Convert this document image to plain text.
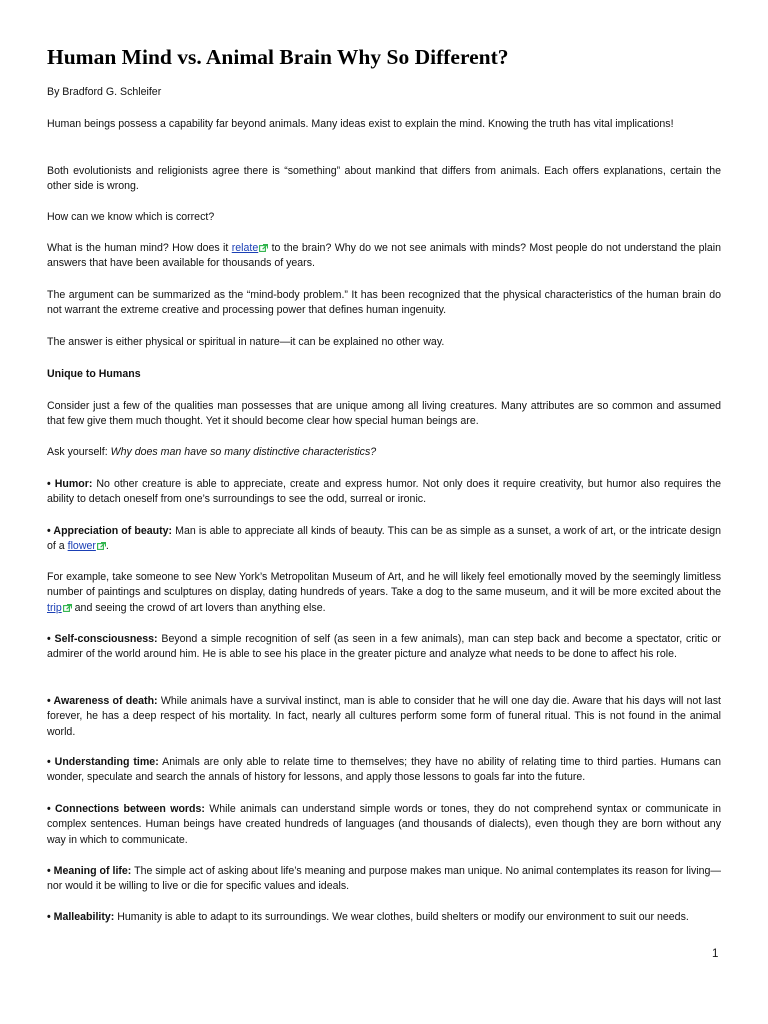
Human Mind vs. Animal Brain Why So Different?

By Bradford G. Schleifer

Human beings possess a capability far beyond animals. Many ideas exist to explain the mind. Knowing the truth has vital implications!

Both evolutionists and religionists agree there is “something” about mankind that differs from animals. Each offers explanations, certain the other side is wrong.

How can we know which is correct?

What is the human mind? How does it relate to the brain? Why do we not see animals with minds? Most people do not understand the plain answers that have been available for thousands of years.

The argument can be summarized as the “mind-body problem.” It has been recognized that the physical characteristics of the human brain do not warrant the extreme creative and processing power that defines human ingenuity.

The answer is either physical or spiritual in nature—it can be explained no other way.

Unique to Humans

Consider just a few of the qualities man possesses that are unique among all living creatures. Many attributes are so common and assumed that few give them much thought. Yet it should become clear how special human beings are.

Ask yourself: Why does man have so many distinctive characteristics?

• Humor: No other creature is able to appreciate, create and express humor. Not only does it require creativity, but humor also requires the ability to detach oneself from one’s surroundings to see the odd, surreal or ironic.

• Appreciation of beauty: Man is able to appreciate all kinds of beauty. This can be as simple as a sunset, a work of art, or the intricate design of a flower .

For example, take someone to see New York’s Metropolitan Museum of Art, and he will likely feel emotionally moved by the seemingly limitless number of paintings and sculptures on display, dating hundreds of years. Take a dog to the same museum, and it will be more excited about the trip and seeing the crowd of art lovers than anything else.

• Self-consciousness: Beyond a simple recognition of self (as seen in a few animals), man can step back and become a spectator, critic or admirer of the world around him. He is able to see his place in the greater picture and analyze what needs to be done to affect his role.

• Awareness of death: While animals have a survival instinct, man is able to consider that he will one day die. Aware that his days will not last forever, he has a deep respect of his mortality. In fact, nearly all cultures perform some form of funeral ritual. This is not found in the animal world.

• Understanding time: Animals are only able to relate time to themselves; they have no ability of relating time to third parties. Humans can wonder, speculate and search the annals of history for lessons, and apply those lessons to goals far into the future.

• Connections between words: While animals can understand simple words or tones, they do not comprehend syntax or communicate in complex sentences. Human beings have created hundreds of languages (and thousands of dialects), even though they are born without any way in which to communicate.

• Meaning of life: The simple act of asking about life’s meaning and purpose makes man unique. No animal contemplates its reason for living—nor would it be willing to live or die for specific values and ideals.

• Malleability: Humanity is able to adapt to its surroundings. We wear clothes, build shelters or modify our environment to suit our needs.

1
